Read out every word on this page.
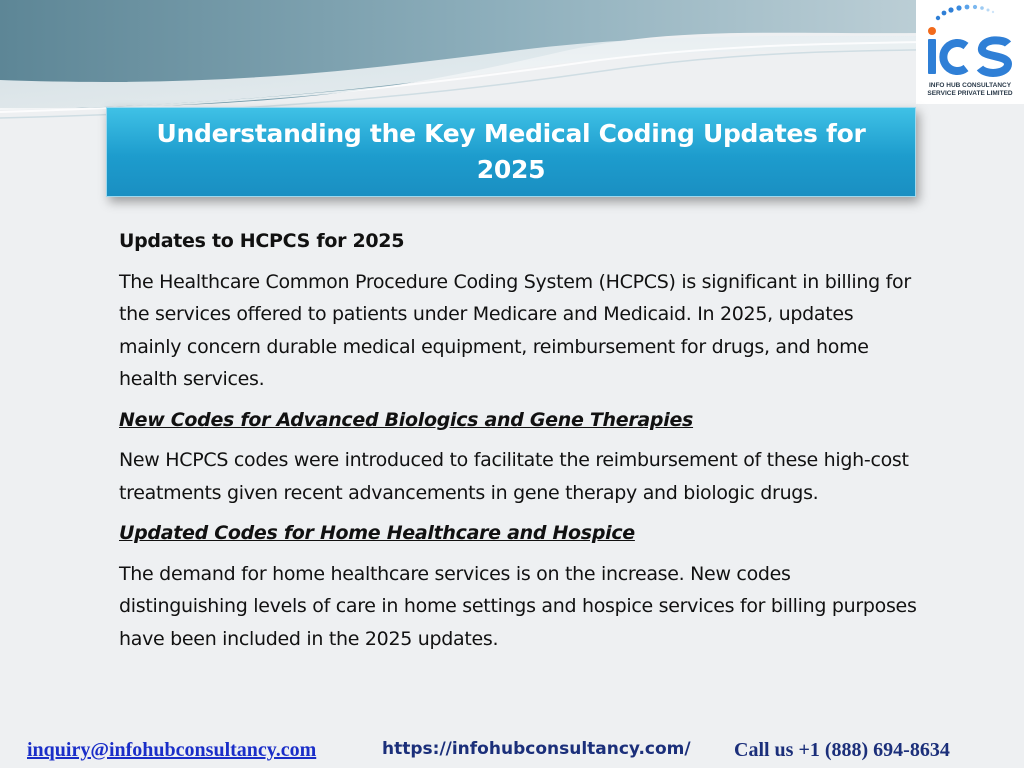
INFO HUB CONSULTANCY
SERVICE PRIVATE LIMITED
Understanding the Key Medical Coding Updates for 2025

Updates to HCPCS for 2025

The Healthcare Common Procedure Coding System (HCPCS) is significant in billing for the services offered to patients under Medicare and Medicaid. In 2025, updates mainly concern durable medical equipment, reimbursement for drugs, and home health services.

New Codes for Advanced Biologics and Gene Therapies

New HCPCS codes were introduced to facilitate the reimbursement of these high-cost treatments given recent advancements in gene therapy and biologic drugs.

Updated Codes for Home Healthcare and Hospice

The demand for home healthcare services is on the increase. New codes distinguishing levels of care in home settings and hospice services for billing purposes have been included in the 2025 updates.

inquiry@infohubconsultancy.com	https://infohubconsultancy.com/ Call us +1 (888) 694-8634
